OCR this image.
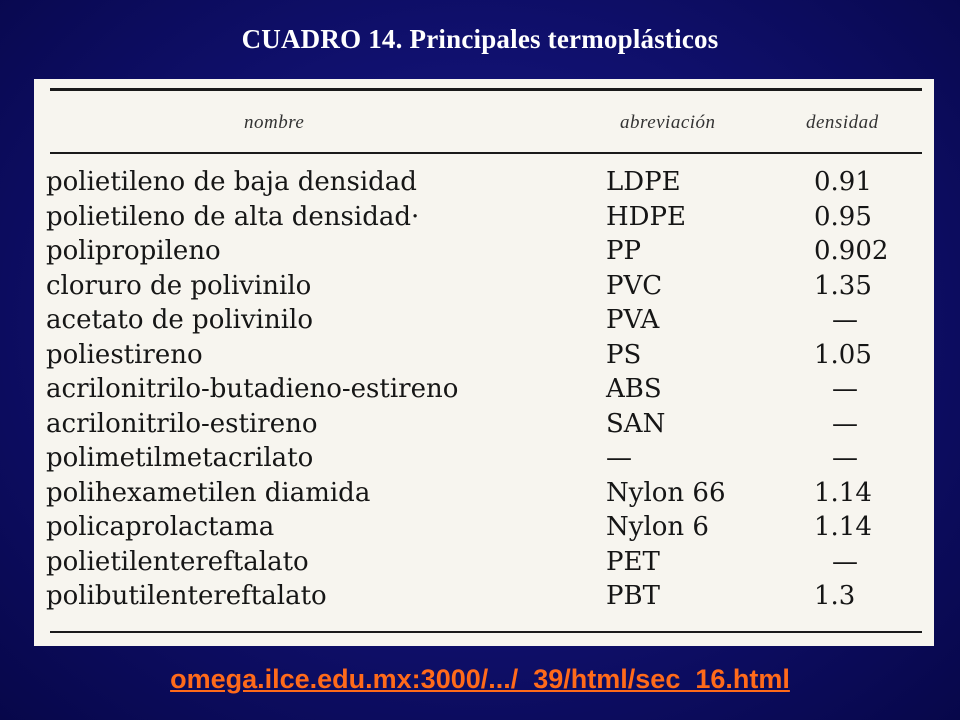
CUADRO 14. Principales termoplásticos
nombre	abreviación	densidad
polietileno de baja densidad	LDPE	0.91
polietileno de alta densidad·	HDPE	0.95
polipropileno	PP	0.902
cloruro de polivinilo	PVC	1.35
acetato de polivinilo	PVA	—
poliestireno	PS	1.05
acrilonitrilo-butadieno-estireno	ABS	—
acrilonitrilo-estireno	SAN	—
polimetilmetacrilato	—	—
polihexametilen diamida	Nylon 66	1.14
policaprolactama	Nylon 6	1.14
polietilentereftalato	PET	—
polibutilentereftalato	PBT	1.3
omega.ilce.edu.mx:3000/.../_39/html/sec_16.html
